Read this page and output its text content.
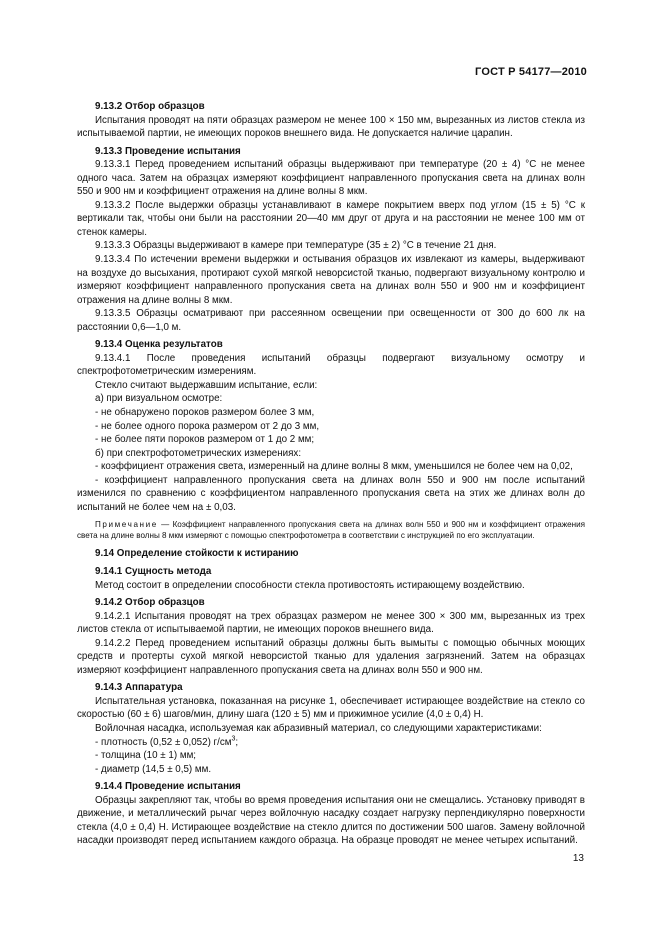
ГОСТ Р 54177—2010

9.13.2 Отбор образцов

Испытания проводят на пяти образцах размером не менее 100 × 150 мм, вырезанных из листов стекла из испытываемой партии, не имеющих пороков внешнего вида. Не допускается наличие царапин.

9.13.3 Проведение испытания

9.13.3.1 Перед проведением испытаний образцы выдерживают при температуре (20 ± 4) °С не менее одного часа. Затем на образцах измеряют коэффициент направленного пропускания света на длинах волн 550 и 900 нм и коэффициент отражения на длине волны 8 мкм.

9.13.3.2 После выдержки образцы устанавливают в камере покрытием вверх под углом (15 ± 5) °С к вертикали так, чтобы они были на расстоянии 20—40 мм друг от друга и на расстоянии не менее 100 мм от стенок камеры.

9.13.3.3 Образцы выдерживают в камере при температуре (35 ± 2) °С в течение 21 дня.

9.13.3.4 По истечении времени выдержки и остывания образцов их извлекают из камеры, выдерживают на воздухе до высыхания, протирают сухой мягкой неворсистой тканью, подвергают визуальному контролю и измеряют коэффициент направленного пропускания света на длинах волн 550 и 900 нм и коэффициент отражения на длине волны 8 мкм.

9.13.3.5 Образцы осматривают при рассеянном освещении при освещенности от 300 до 600 лк на расстоянии 0,6—1,0 м.

9.13.4 Оценка результатов

9.13.4.1 После проведения испытаний образцы подвергают визуальному осмотру и спектрофотометрическим измерениям.

Стекло считают выдержавшим испытание, если:

а) при визуальном осмотре:

- не обнаружено пороков размером более 3 мм,

- не более одного порока размером от 2 до 3 мм,

- не более пяти пороков размером от 1 до 2 мм;

б) при спектрофотометрических измерениях:

- коэффициент отражения света, измеренный на длине волны 8 мкм, уменьшился не более чем на 0,02,

- коэффициент направленного пропускания света на длинах волн 550 и 900 нм после испытаний изменился по сравнению с коэффициентом направленного пропускания света на этих же длинах волн до испытаний не более чем на ± 0,03.

Примечание — Коэффициент направленного пропускания света на длинах волн 550 и 900 нм и коэффициент отражения света на длине волны 8 мкм измеряют с помощью спектрофотометра в соответствии с инструкцией по его эксплуатации.

9.14 Определение стойкости к истиранию

9.14.1 Сущность метода

Метод состоит в определении способности стекла противостоять истирающему воздействию.

9.14.2 Отбор образцов

9.14.2.1 Испытания проводят на трех образцах размером не менее 300 × 300 мм, вырезанных из трех листов стекла от испытываемой партии, не имеющих пороков внешнего вида.

9.14.2.2 Перед проведением испытаний образцы должны быть вымыты с помощью обычных моющих средств и протерты сухой мягкой неворсистой тканью для удаления загрязнений. Затем на образцах измеряют коэффициент направленного пропускания света на длинах волн 550 и 900 нм.

9.14.3 Аппаратура

Испытательная установка, показанная на рисунке 1, обеспечивает истирающее воздействие на стекло со скоростью (60 ± 6) шагов/мин, длину шага (120 ± 5) мм и прижимное усилие (4,0 ± 0,4) Н.

Войлочная насадка, используемая как абразивный материал, со следующими характеристиками:

- плотность (0,52 ± 0,052) $г/см^3$;

- толщина (10 ± 1) мм;

- диаметр (14,5 ± 0,5) мм.

9.14.4 Проведение испытания

Образцы закрепляют так, чтобы во время проведения испытания они не смещались. Установку приводят в движение, и металлический рычаг через войлочную насадку создает нагрузку перпендикулярно поверхности стекла (4,0 ± 0,4) Н. Истирающее воздействие на стекло длится по достижении 500 шагов. Замену войлочной насадки производят перед испытанием каждого образца. На образце проводят не менее четырех испытаний.

13
